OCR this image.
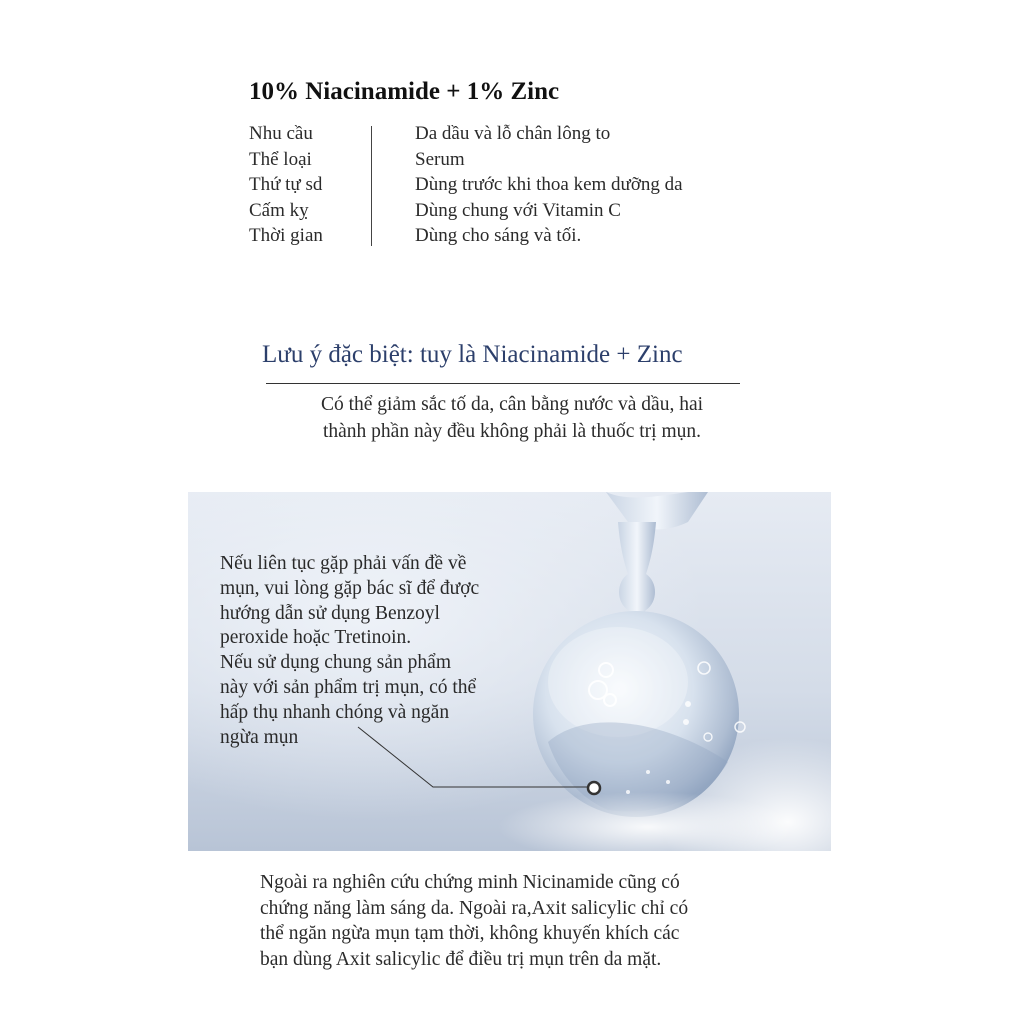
10% Niacinamide + 1% Zinc
Nhu cầu
Thể loại
Thứ tự sd
Cấm kỵ
Thời gian
Da dầu và lỗ chân lông to
Serum
Dùng trước khi thoa kem dưỡng da
Dùng chung với Vitamin C
Dùng cho sáng và tối.
Lưu ý đặc biệt: tuy là Niacinamide + Zinc
Có thể giảm sắc tố da, cân bằng nước và dầu, hai
thành phần này đều không phải là thuốc trị mụn.

Nếu liên tục gặp phải vấn đề về

mụn, vui lòng gặp bác sĩ để được

hướng dẫn sử dụng Benzoyl

peroxide hoặc Tretinoin.

Nếu sử dụng chung sản phẩm

này với sản phẩm trị mụn, có thể

hấp thụ nhanh chóng và ngăn

ngừa mụn

Ngoài ra nghiên cứu chứng minh Nicinamide cũng có

chứng năng làm sáng da. Ngoài ra,Axit salicylic chỉ có

thể ngăn ngừa mụn tạm thời, không khuyến khích các

bạn dùng Axit salicylic để điều trị mụn trên da mặt.
